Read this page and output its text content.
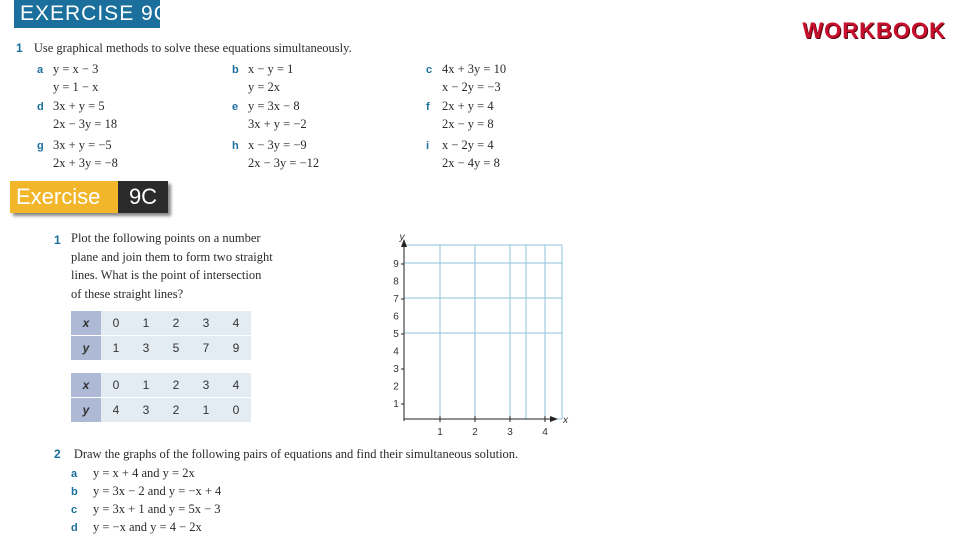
EXERCISE 9C
WORKBOOK
1 Use graphical methods to solve these equations simultaneously.
a y = x − 3
y = 1 − x
b x − y = 1
y = 2x
c 4x + 3y = 10
x − 2y = −3
d 3x + y = 5
2x − 3y = 18
e y = 3x − 8
3x + y = −2
f 2x + y = 4
2x − y = 8
g 3x + y = −5
2x + 3y = −8
h x − 3y = −9
2x − 3y = −12
i x − 2y = 4
2x − 4y = 8
Exercise	9C
1 Plot the following points on a number
plane and join them to form two straight
lines. What is the point of intersection
of these straight lines?
x	0	1	2	3	4
y	1	3	5	7	9
x	0	1	2	3	4
y	4	3	2	1	0
y
x
9
8
7
6
5
4
3
2
1
1	2	3	4
2 Draw the graphs of the following pairs of equations and find their simultaneous solution.
a y = x + 4 and y = 2x
b y = 3x − 2 and y = −x + 4
c y = 3x + 1 and y = 5x − 3
d y = −x and y = 4 − 2x
